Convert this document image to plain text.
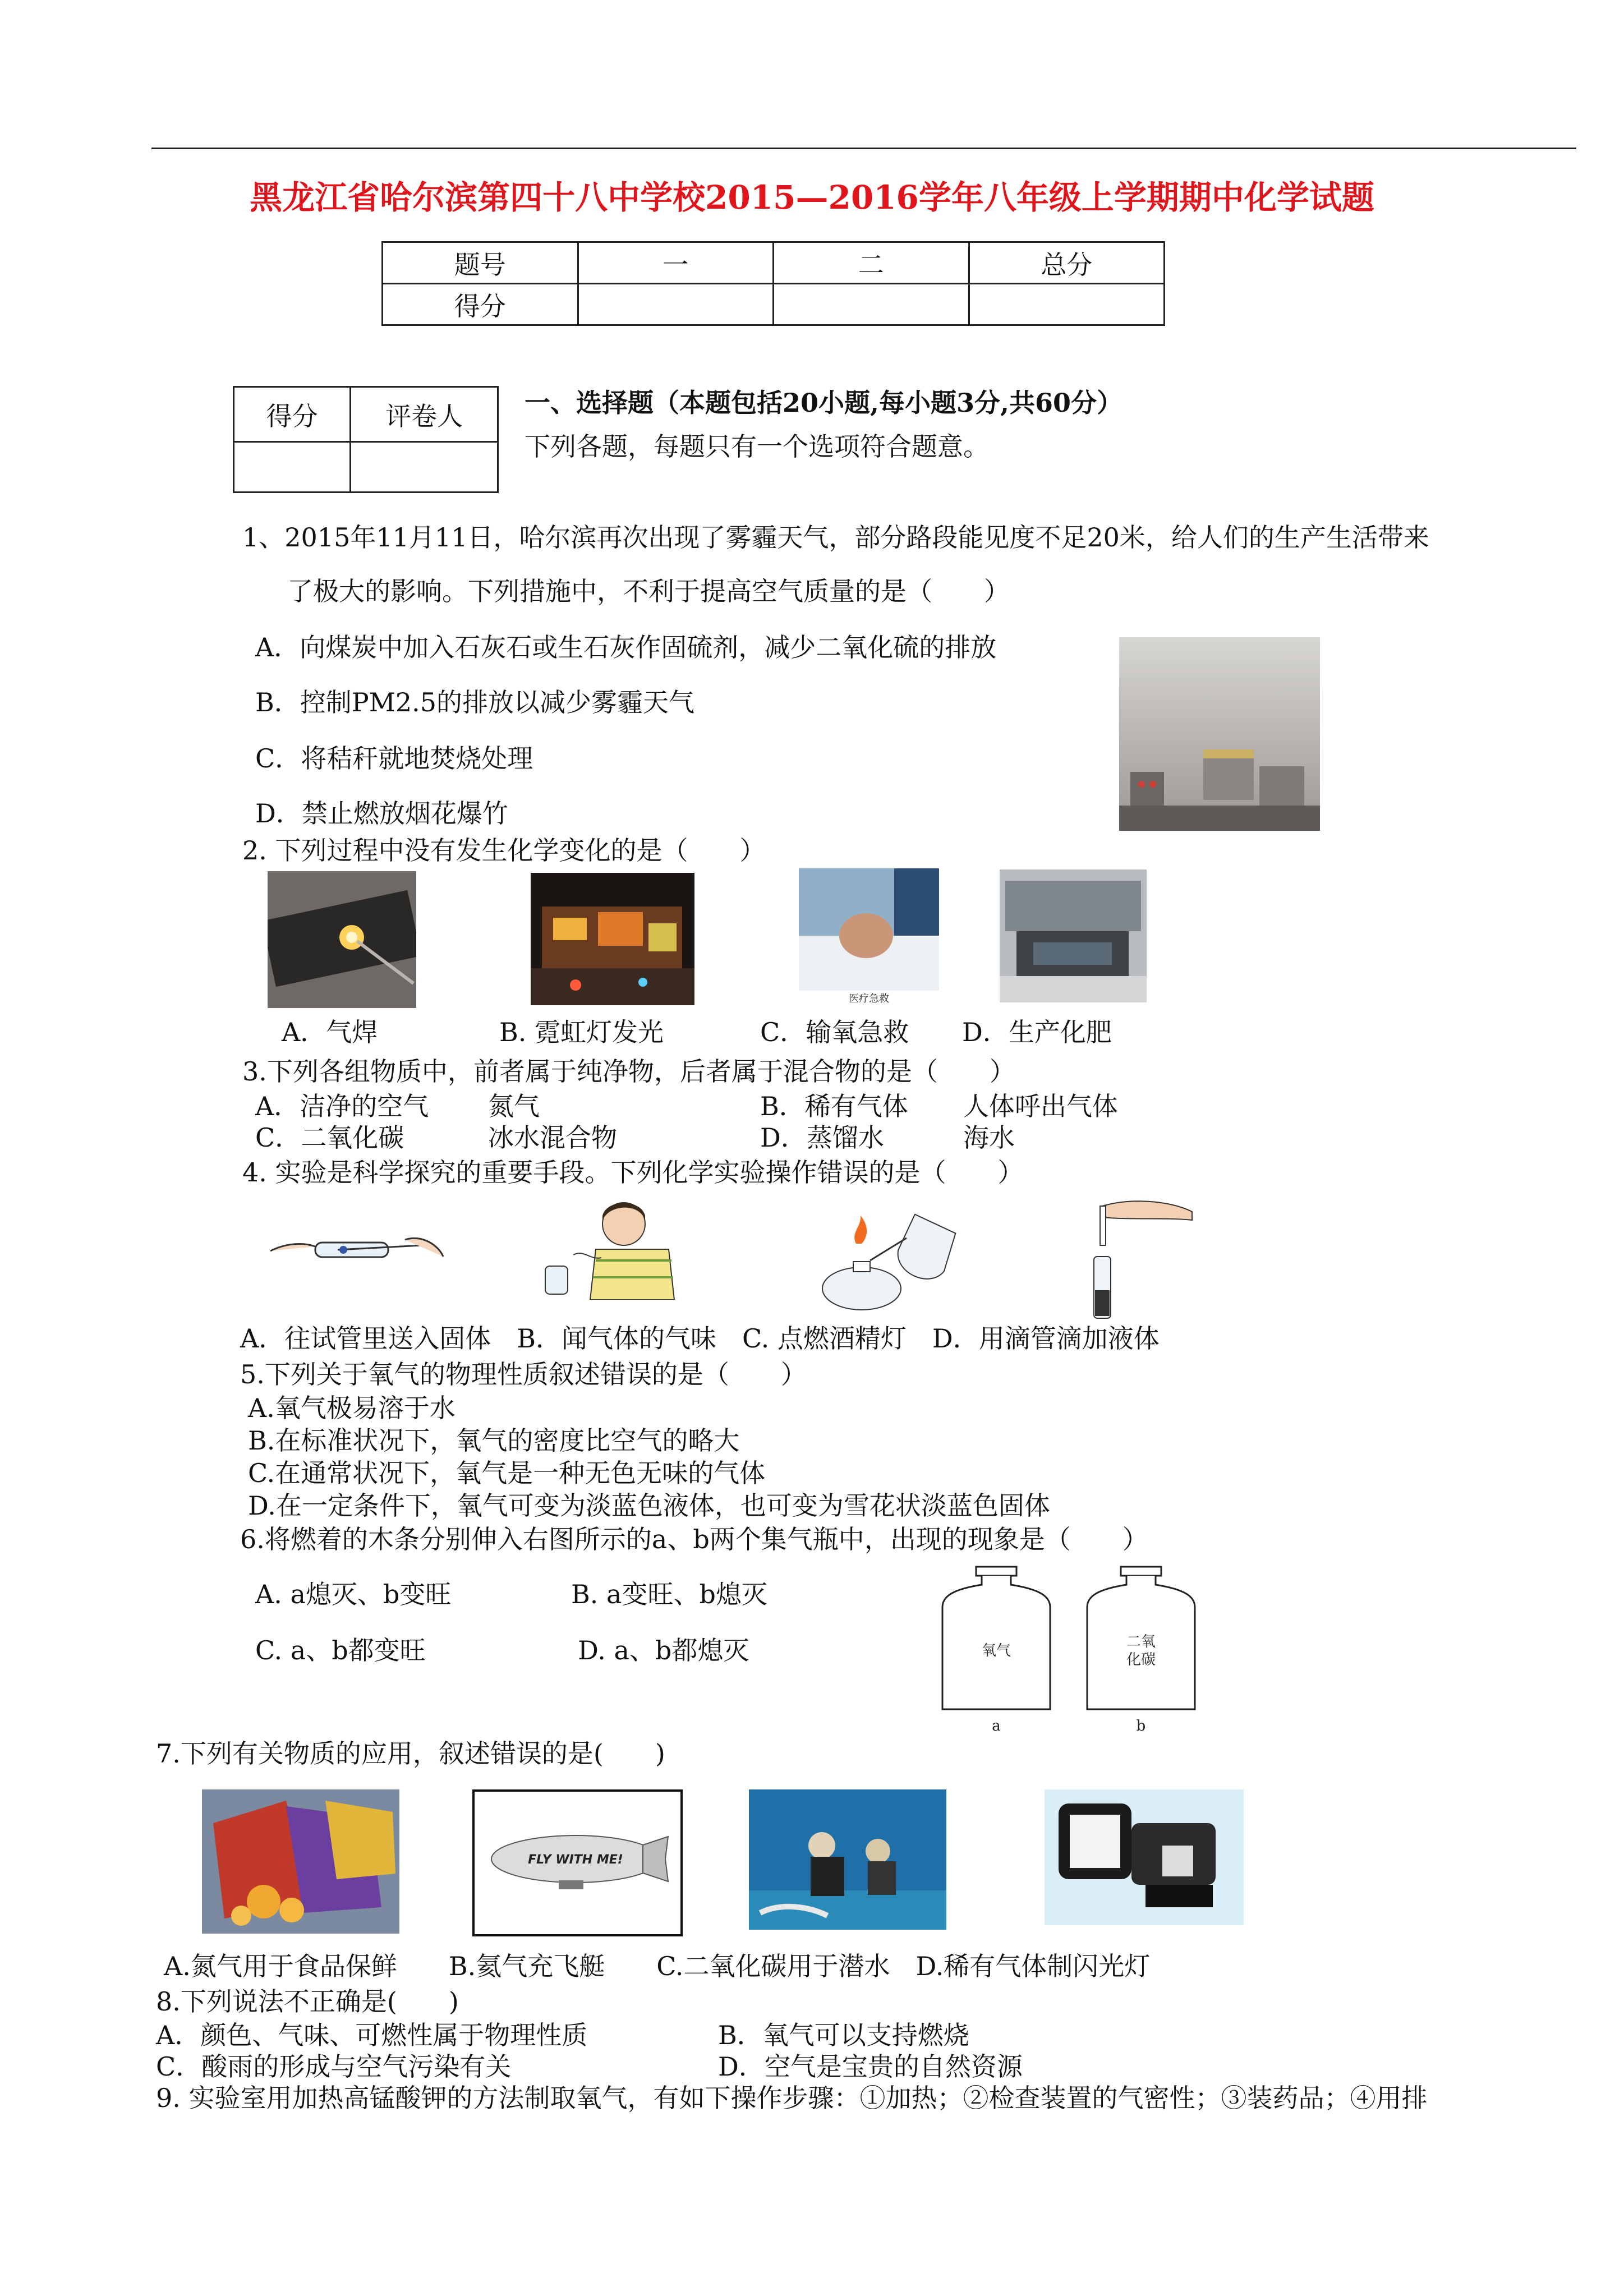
黑龙江省哈尔滨第四十八中学校2015—2016学年八年级上学期期中化学试题
题号	一	二	总分
得分			
得分	评卷人
	一、选择题（本题包括20小题,每小题3分,共60分）
下列各题，每题只有一个选项符合题意。
1、2015年11月11日，哈尔滨再次出现了雾霾天气，部分路段能见度不足20米，给人们的生产生活带来
了极大的影响。下列措施中，不利于提高空气质量的是（　　）
A．向煤炭中加入石灰石或生石灰作固硫剂，减少二氧化硫的排放
B．控制PM2.5的排放以减少雾霾天气
C．将秸秆就地焚烧处理
D．禁止燃放烟花爆竹
2. 下列过程中没有发生化学变化的是（　　）
医疗急救
A．气焊	B. 霓虹灯发光	C．输氧急救 D．生产化肥
3.下列各组物质中，前者属于纯净物，后者属于混合物的是（　　）
A．洁净的空气 氮气	B．稀有气体 人体呼出气体
C．二氧化碳	冰水混合物	D．蒸馏水	海水
4. 实验是科学探究的重要手段。下列化学实验操作错误的是（　　）
A．往试管里送入固体　B．闻气体的气味　C. 点燃酒精灯　D．用滴管滴加液体
5.下列关于氧气的物理性质叙述错误的是（　　）
A.氧气极易溶于水
B.在标准状况下，氧气的密度比空气的略大
C.在通常状况下，氧气是一种无色无味的气体
D.在一定条件下，氧气可变为淡蓝色液体，也可变为雪花状淡蓝色固体
6.将燃着的木条分别伸入右图所示的a、b两个集气瓶中，出现的现象是（　　）
A. a熄灭、b变旺	B. a变旺、b熄灭
C. a、b都变旺	D. a、b都熄灭	氧气
a
二氧
化碳
b
7.下列有关物质的应用，叙述错误的是(　　)
FLY WITH ME!
A.氮气用于食品保鲜　　B.氦气充飞艇　　C.二氧化碳用于潜水　D.稀有气体制闪光灯
8.下列说法不正确是(　　)
A．颜色、气味、可燃性属于物理性质	B．氧气可以支持燃烧
C．酸雨的形成与空气污染有关	D．空气是宝贵的自然资源
9. 实验室用加热高锰酸钾的方法制取氧气，有如下操作步骤：①加热；②检查装置的气密性；③装药品；④用排
